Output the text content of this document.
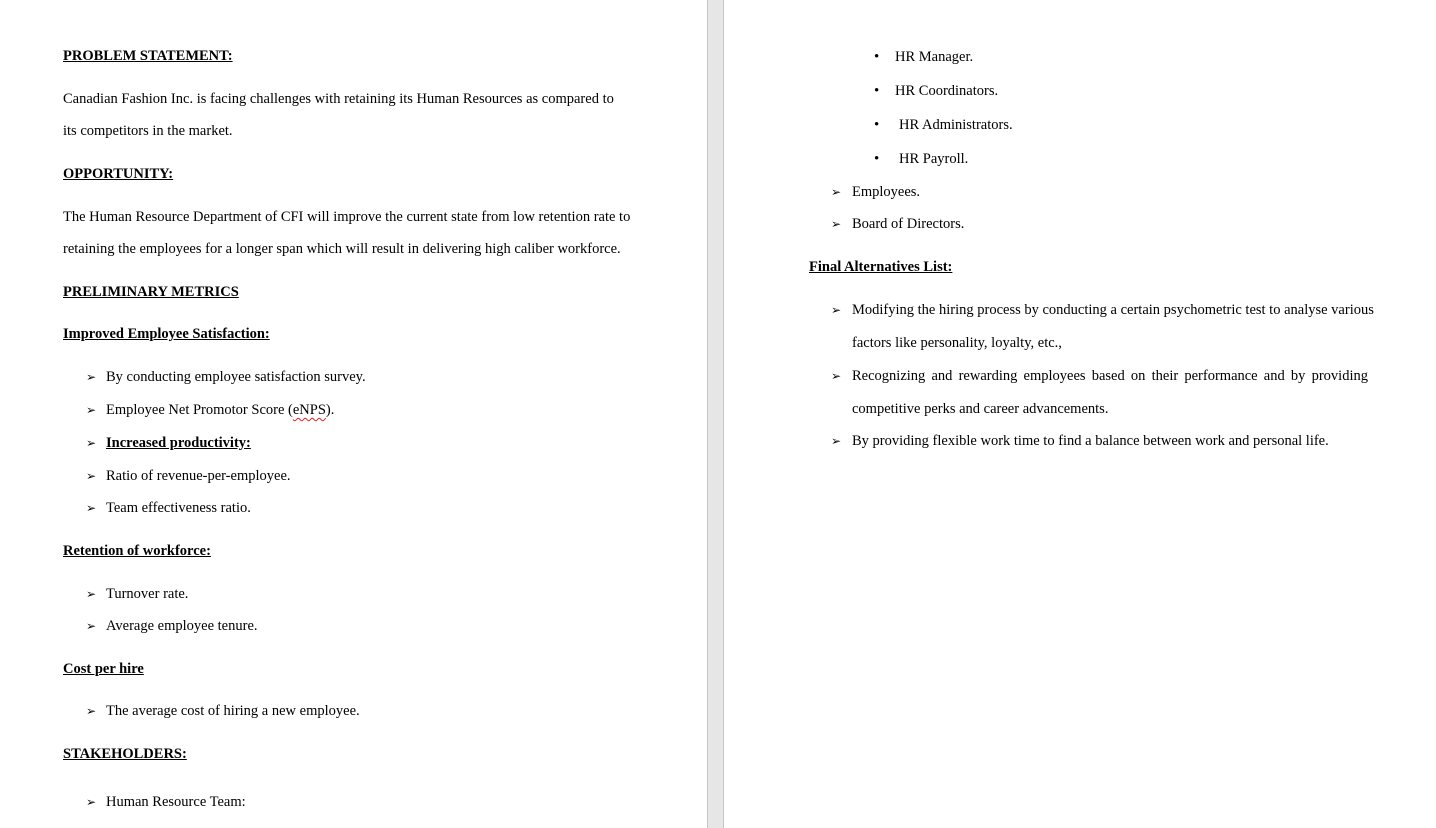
PROBLEM STATEMENT:
Canadian Fashion Inc. is facing challenges with retaining its Human Resources as compared to
its competitors in the market.
OPPORTUNITY:
The Human Resource Department of CFI will improve the current state from low retention rate to
retaining the employees for a longer span which will result in delivering high caliber workforce.
PRELIMINARY METRICS
Improved Employee Satisfaction:
➢ By conducting employee satisfaction survey.
➢ Employee Net Promotor Score (eNPS).
➢ Increased productivity:
➢ Ratio of revenue-per-employee.
➢ Team effectiveness ratio.
Retention of workforce:
➢ Turnover rate.
➢ Average employee tenure.
Cost per hire
➢ The average cost of hiring a new employee.
STAKEHOLDERS:
➢ Human Resource Team:
• HR Manager.
• HR Coordinators.
• HR Administrators.
• HR Payroll.
➢ Employees.
➢ Board of Directors.
Final Alternatives List:
➢ Modifying the hiring process by conducting a certain psychometric test to analyse various
factors like personality, loyalty, etc.,
➢ Recognizing and rewarding employees based on their performance and by providing
competitive perks and career advancements.
➢ By providing flexible work time to find a balance between work and personal life.
